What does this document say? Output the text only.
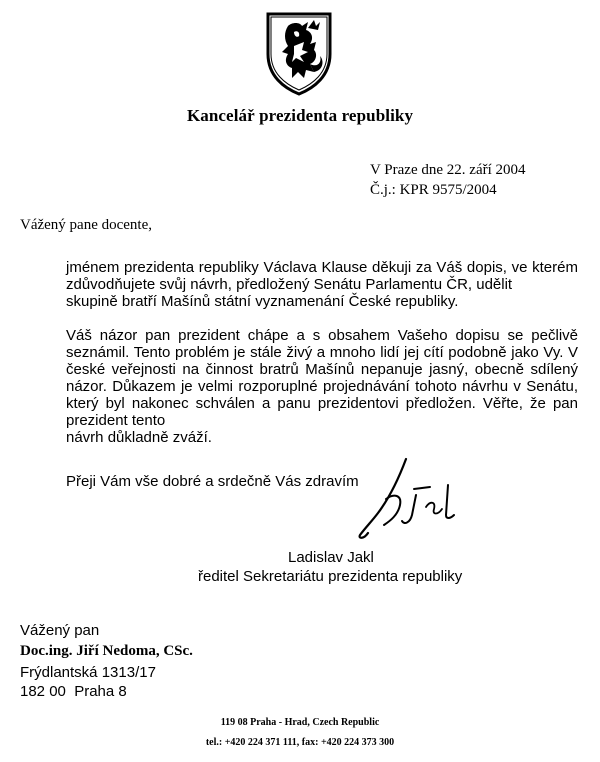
Kancelář prezidenta republiky
V Praze dne 22. září 2004
Č.j.: KPR 9575/2004
Vážený pane docente,
jménem prezidenta republiky Václava Klause děkuji za Váš dopis, ve kterém zdůvodňujete svůj návrh, předložený Senátu Parlamentu ČR, udělit
skupině bratří Mašínů státní vyznamenání České republiky.
Váš názor pan prezident chápe a s obsahem Vašeho dopisu se pečlivě seznámil. Tento problém je stále živý a mnoho lidí jej cítí podobně jako Vy. V české veřejnosti na činnost bratrů Mašínů nepanuje jasný, obecně sdílený názor. Důkazem je velmi rozporuplné projednávání tohoto návrhu v Senátu, který byl nakonec schválen a panu prezidentovi předložen. Věřte, že pan prezident tento
návrh důkladně zváží.
Přeji Vám vše dobré a srdečně Vás zdravím
Ladislav Jakl
ředitel Sekretariátu prezidenta republiky
Vážený pan
Doc.ing. Jiří Nedoma, CSc.
Frýdlantská 1313/17
182 00  Praha 8
119 08 Praha - Hrad, Czech Republic
tel.: +420 224 371 111, fax: +420 224 373 300
